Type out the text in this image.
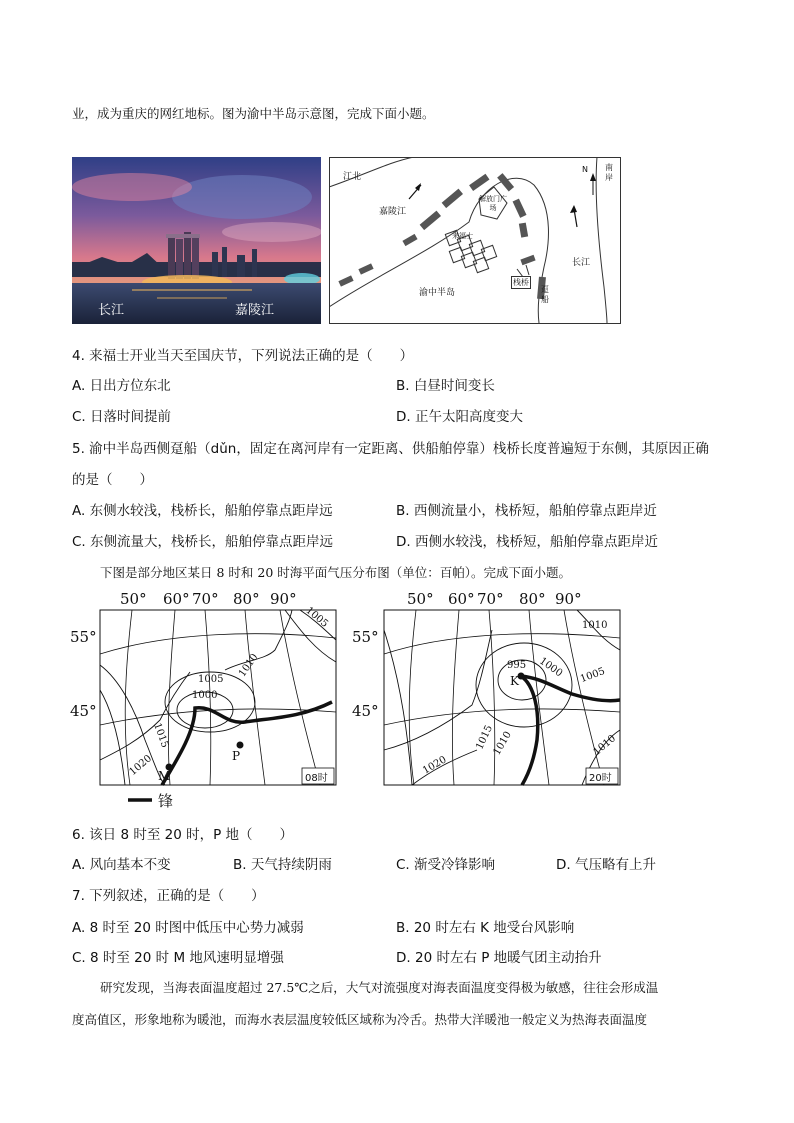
业，成为重庆的网红地标。图为渝中半岛示意图，完成下面小题。
长江	嘉陵江
江北
嘉陵江
解放门广场
来福士
渝中半岛
长江
南岸
栈桥
趸船
N
4. 来福士开业当天至国庆节，下列说法正确的是（　　）
A. 日出方位东北	B. 白昼时间变长
C. 日落时间提前	D. 正午太阳高度变大
5. 渝中半岛西侧趸船（dǔn，固定在离河岸有一定距离、供船舶停靠）栈桥长度普遍短于东侧，其原因正确
的是（　　）
A. 东侧水较浅，栈桥长，船舶停靠点距岸远	B. 西侧流量小，栈桥短，船舶停靠点距岸近
C. 东侧流量大，栈桥长，船舶停靠点距岸远	D. 西侧水较浅，栈桥短，船舶停靠点距岸近
下图是部分地区某日 8 时和 20 时海平面气压分布图（单位：百帕）。完成下面小题。
50° 60° 70° 80° 90°
55°
45°
1005
1010
1005
1000
1015
1020 M
P
08时
锋
50° 60° 70° 80° 90°
55°
45°
1010
995 1000 1005
1015
1010
1020
1010
K
20时
6. 该日 8 时至 20 时，P 地（　　）
A. 风向基本不变	B. 天气持续阴雨	C. 渐受冷锋影响	D. 气压略有上升
7. 下列叙述，正确的是（　　）
A. 8 时至 20 时图中低压中心势力减弱	B. 20 时左右 K 地受台风影响
C. 8 时至 20 时 M 地风速明显增强	D. 20 时左右 P 地暖气团主动抬升
研究发现，当海表面温度超过 27.5℃之后，大气对流强度对海表面温度变得极为敏感，往往会形成温
度高值区，形象地称为暖池，而海水表层温度较低区域称为冷舌。热带大洋暖池一般定义为热海表面温度
